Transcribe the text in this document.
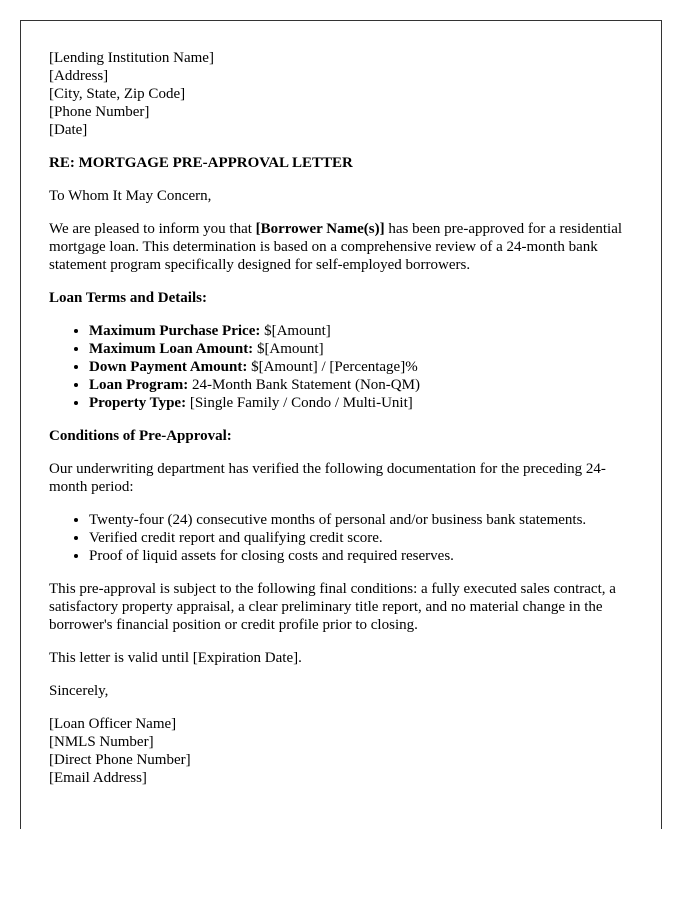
[Lending Institution Name]
[Address]
[City, State, Zip Code]
[Phone Number]
[Date]

RE: MORTGAGE PRE-APPROVAL LETTER

To Whom It May Concern,

We are pleased to inform you that [Borrower Name(s)] has been pre-approved for a residential mortgage loan. This determination is based on a comprehensive review of a 24-month bank statement program specifically designed for self-employed borrowers.

Loan Terms and Details:
• Maximum Purchase Price: $[Amount]
• Maximum Loan Amount: $[Amount]
• Down Payment Amount: $[Amount] / [Percentage]%
• Loan Program: 24-Month Bank Statement (Non-QM)
• Property Type: [Single Family / Condo / Multi-Unit]
Conditions of Pre-Approval:

Our underwriting department has verified the following documentation for the preceding 24-month period:

• Twenty-four (24) consecutive months of personal and/or business bank statements.
• Verified credit report and qualifying credit score.
• Proof of liquid assets for closing costs and required reserves.

This pre-approval is subject to the following final conditions: a fully executed sales contract, a satisfactory property appraisal, a clear preliminary title report, and no material change in the borrower's financial position or credit profile prior to closing.

This letter is valid until [Expiration Date].

Sincerely,

[Loan Officer Name]
[NMLS Number]
[Direct Phone Number]
[Email Address]
